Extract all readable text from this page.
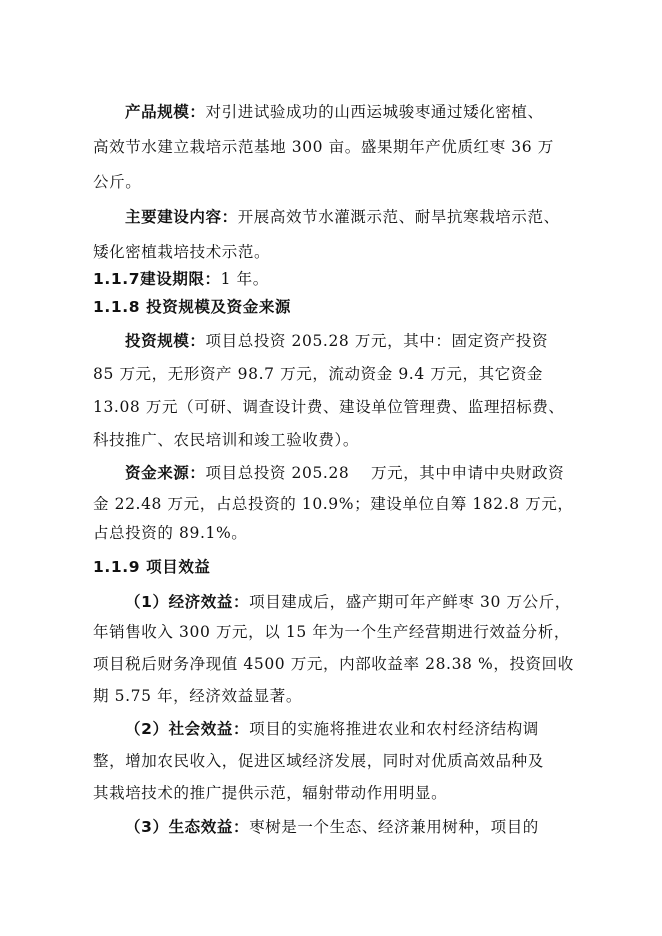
产品规模：对引进试验成功的山西运城骏枣通过矮化密植、
高效节水建立栽培示范基地 300 亩。盛果期年产优质红枣 36 万
公斤。
主要建设内容：开展高效节水灌溉示范、耐旱抗寒栽培示范、
矮化密植栽培技术示范。
1.1.7建设期限：1 年。
1.1.8 投资规模及资金来源
投资规模：项目总投资 205.28 万元，其中：固定资产投资
85 万元，无形资产 98.7 万元，流动资金 9.4 万元，其它资金
13.08 万元（可研、调查设计费、建设单位管理费、监理招标费、
科技推广、农民培训和竣工验收费）。
资金来源：项目总投资 205.28　 万元，其中申请中央财政资
金 22.48 万元，占总投资的 10.9%；建设单位自筹 182.8 万元，
占总投资的 89.1%。
1.1.9 项目效益
（1）经济效益：项目建成后，盛产期可年产鲜枣 30 万公斤，
年销售收入 300 万元，以 15 年为一个生产经营期进行效益分析，
项目税后财务净现值 4500 万元，内部收益率 28.38 %，投资回收
期 5.75 年，经济效益显著。
（2）社会效益：项目的实施将推进农业和农村经济结构调
整，增加农民收入，促进区域经济发展，同时对优质高效品种及
其栽培技术的推广提供示范，辐射带动作用明显。
（3）生态效益：枣树是一个生态、经济兼用树种，项目的
